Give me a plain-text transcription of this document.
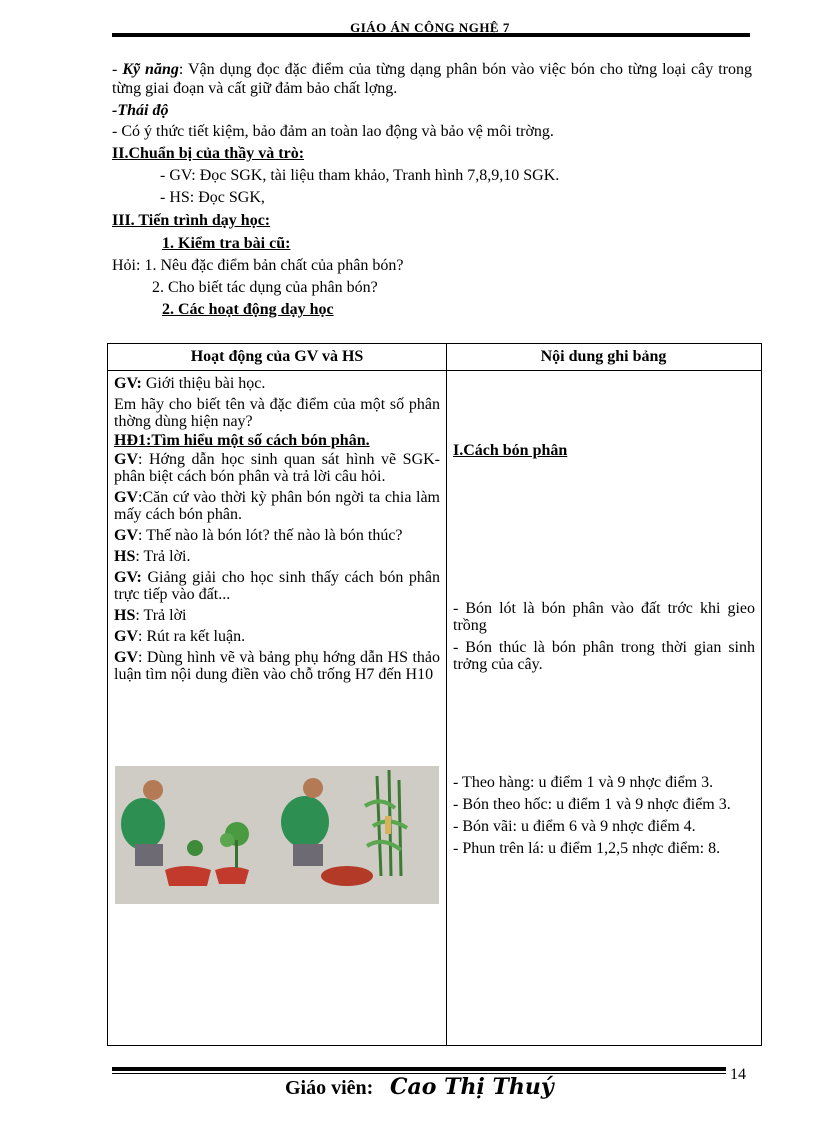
GIÁO ÁN CÔNG NGHỆ 7
- Kỹ năng: Vận dụng đọc đặc điểm của từng dạng phân bón vào việc bón cho từng loại cây trong từng giai đoạn và cất giữ đảm bảo chất lợng.
-Thái độ
- Có ý thức tiết kiệm, bảo đảm an toàn lao động và bảo vệ môi trờng.
II.Chuẩn bị của thầy và trò:
- GV: Đọc SGK, tài liệu tham khảo, Tranh hình 7,8,9,10 SGK.
- HS: Đọc SGK,
III. Tiến trình dạy học:
1. Kiểm tra bài cũ:
Hỏi: 1. Nêu đặc điểm bản chất của phân bón?
2. Cho biết tác dụng của phân bón?
2. Các hoạt động dạy học
Hoạt động của GV và HS	Nội dung ghi bảng

GV: Giới thiệu bài học.

Em hãy cho biết tên và đặc điểm của một số phân thờng dùng hiện nay?

HĐ1:Tìm hiểu một số cách bón phân.

GV: Hớng dẫn học sinh quan sát hình vẽ SGK- phân biệt cách bón phân và trả lời câu hỏi.

GV:Căn cứ vào thời kỳ phân bón ngời ta chia làm mấy cách bón phân.

GV: Thế nào là bón lót? thế nào là bón thúc?

HS: Trả lời.

GV: Giảng giải cho học sinh thấy cách bón phân trực tiếp vào đất...

HS: Trả lời

GV: Rút ra kết luận.

GV: Dùng hình vẽ và bảng phụ hớng dẫn HS thảo luận tìm nội dung điền vào chỗ trống H7 đến H10

I.Cách bón phân

- Bón lót là bón phân vào đất trớc khi gieo trồng

- Bón thúc là bón phân trong thời gian sinh trởng của cây.

- Theo hàng: u điểm 1 và 9 nhợc điểm 3.

- Bón theo hốc: u điểm 1 và 9 nhợc điểm 3.

- Bón vãi: u điểm 6 và 9 nhợc điểm 4.

- Phun trên lá: u điểm 1,2,5 nhợc điểm: 8.

14
Giáo viên: Cao Thị Thuý
